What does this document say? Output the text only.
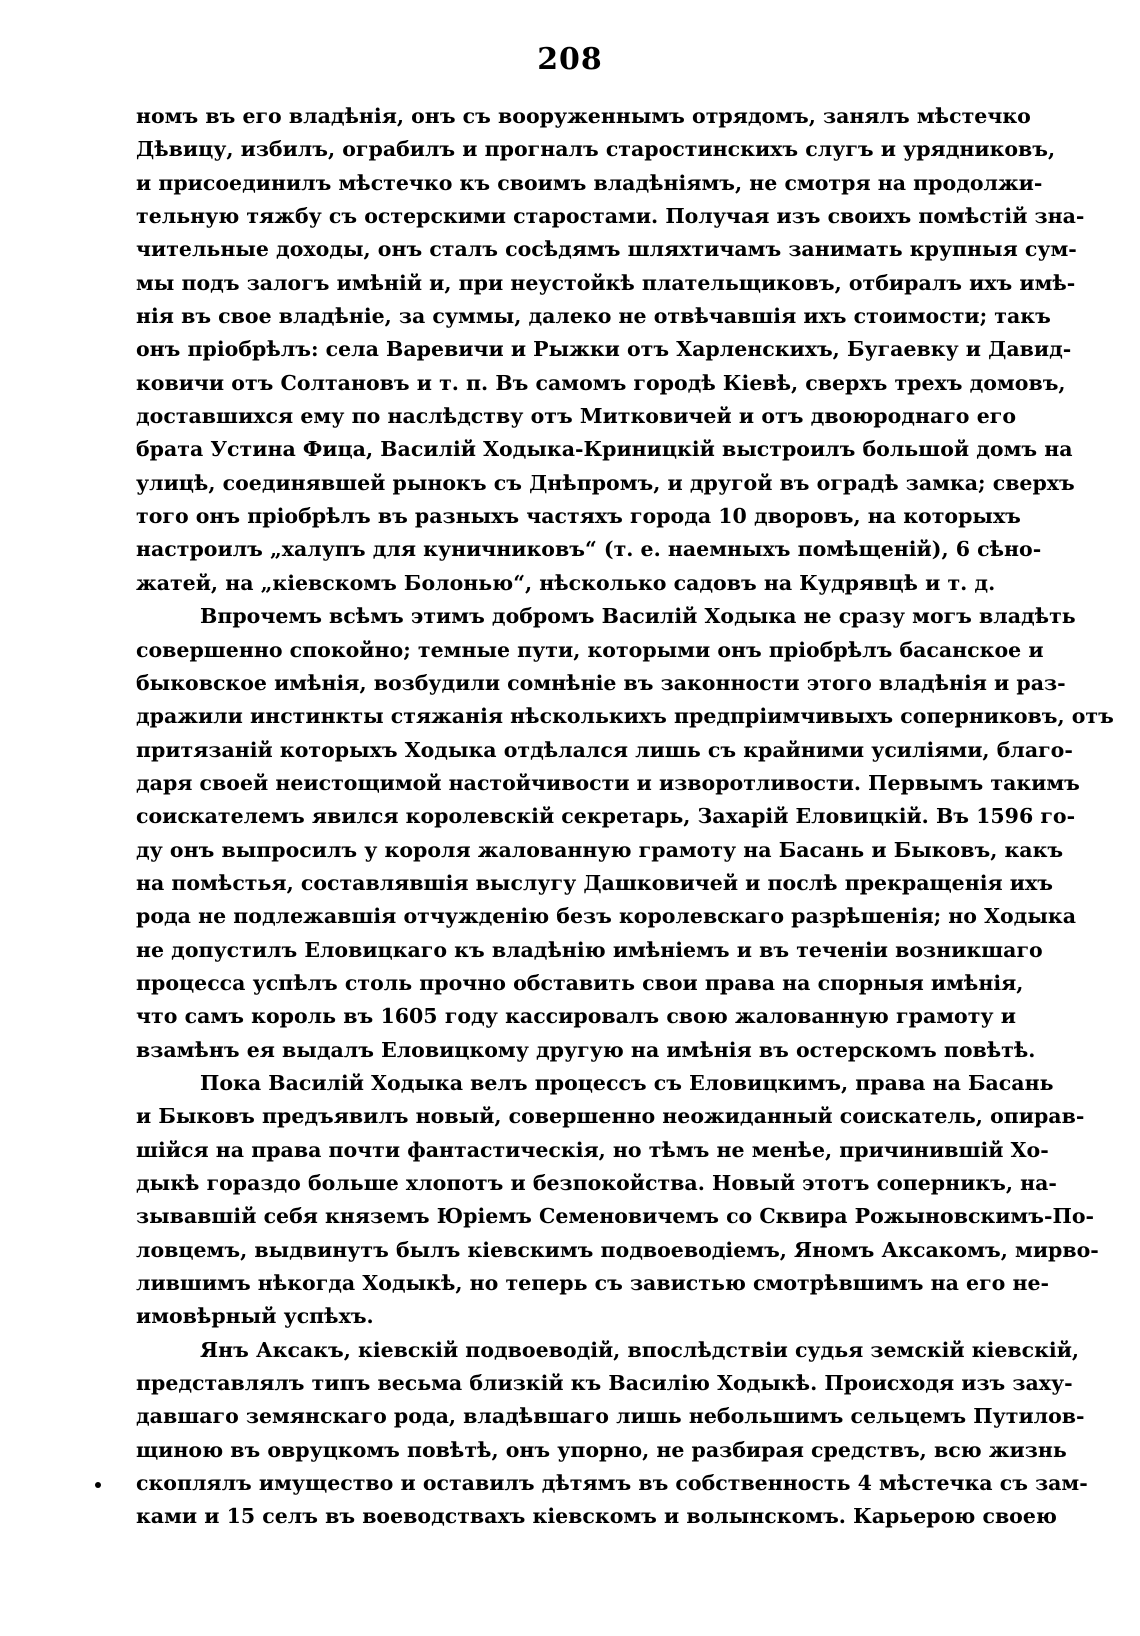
208
номъ въ его владѣнія, онъ съ вооруженнымъ отрядомъ, занялъ мѣстечко
Дѣвицу, избилъ, ограбилъ и прогналъ старостинскихъ слугъ и урядниковъ,
и присоединилъ мѣстечко къ своимъ владѣніямъ, не смотря на продолжи-
тельную тяжбу съ остерскими старостами. Получая изъ своихъ помѣстій зна-
чительные доходы, онъ сталъ сосѣдямъ шляхтичамъ занимать крупныя сум-
мы подъ залогъ имѣній и, при неустойкѣ плательщиковъ, отбиралъ ихъ имѣ-
нія въ свое владѣніе, за суммы, далеко не отвѣчавшія ихъ стоимости; такъ
онъ пріобрѣлъ: села Варевичи и Рыжки отъ Харленскихъ, Бугаевку и Давид-
ковичи отъ Солтановъ и т. п. Въ самомъ городѣ Кіевѣ, сверхъ трехъ домовъ,
доставшихся ему по наслѣдству отъ Митковичей и отъ двоюроднаго его
брата Устина Фица, Василій Ходыка-Криницкій выстроилъ большой домъ на
улицѣ, соединявшей рынокъ съ Днѣпромъ, и другой въ оградѣ замка; сверхъ
того онъ пріобрѣлъ въ разныхъ частяхъ города 10 дворовъ, на которыхъ
настроилъ „халупъ для куничниковъ“ (т. е. наемныхъ помѣщеній), 6 сѣно-
жатей, на „кіевскомъ Болонью“, нѣсколько садовъ на Кудрявцѣ и т. д.
Впрочемъ всѣмъ этимъ добромъ Василій Ходыка не сразу могъ владѣть
совершенно спокойно; темные пути, которыми онъ пріобрѣлъ басанское и
быковское имѣнія, возбудили сомнѣніе въ законности этого владѣнія и раз-
дражили инстинкты стяжанія нѣсколькихъ предпріимчивыхъ соперниковъ, отъ
притязаній которыхъ Ходыка отдѣлался лишь съ крайними усиліями, благо-
даря своей неистощимой настойчивости и изворотливости. Первымъ такимъ
соискателемъ явился королевскій секретарь, Захарій Еловицкій. Въ 1596 го-
ду онъ выпросилъ у короля жалованную грамоту на Басань и Быковъ, какъ
на помѣстья, составлявшія выслугу Дашковичей и послѣ прекращенія ихъ
рода не подлежавшія отчужденію безъ королевскаго разрѣшенія; но Ходыка
не допустилъ Еловицкаго къ владѣнію имѣніемъ и въ теченіи возникшаго
процесса успѣлъ столь прочно обставить свои права на спорныя имѣнія,
что самъ король въ 1605 году кассировалъ свою жалованную грамоту и
взамѣнъ ея выдалъ Еловицкому другую на имѣнія въ остерскомъ повѣтѣ.
Пока Василій Ходыка велъ процессъ съ Еловицкимъ, права на Басань
и Быковъ предъявилъ новый, совершенно неожиданный соискатель, опирав-
шійся на права почти фантастическія, но тѣмъ не менѣе, причинившій Хо-
дыкѣ гораздо больше хлопотъ и безпокойства. Новый этотъ соперникъ, на-
зывавшій себя княземъ Юріемъ Семеновичемъ со Сквира Рожыновскимъ-По-
ловцемъ, выдвинутъ былъ кіевскимъ подвоеводіемъ, Яномъ Аксакомъ, мирво-
лившимъ нѣкогда Ходыкѣ, но теперь съ завистью смотрѣвшимъ на его не-
имовѣрный успѣхъ.
Янъ Аксакъ, кіевскій подвоеводій, впослѣдствіи судья земскій кіевскій,
представлялъ типъ весьма близкій къ Василію Ходыкѣ. Происходя изъ заху-
давшаго земянскаго рода, владѣвшаго лишь небольшимъ сельцемъ Путилов-
щиною въ овруцкомъ повѣтѣ, онъ упорно, не разбирая средствъ, всю жизнь
скоплялъ имущество и оставилъ дѣтямъ въ собственность 4 мѣстечка съ зам-
ками и 15 селъ въ воеводствахъ кіевскомъ и волынскомъ. Карьерою своею
